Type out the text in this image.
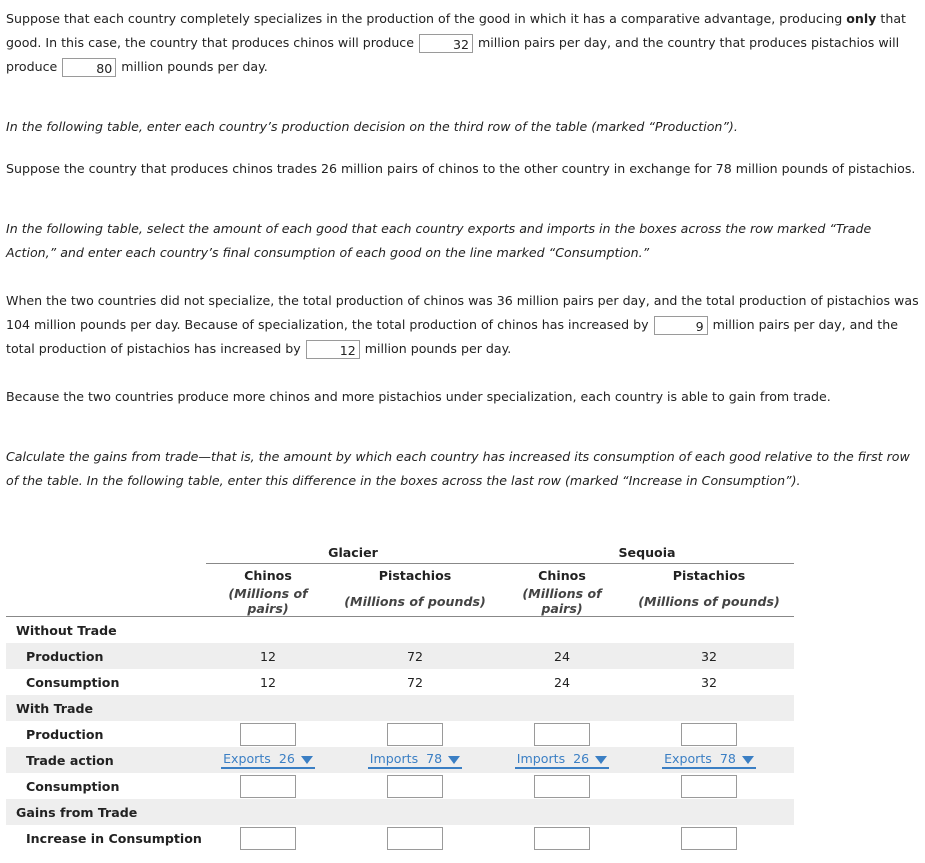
Suppose that each country completely specializes in the production of the good in which it has a comparative advantage, producing only that good. In this case, the country that produces chinos will produce	32 million pairs per day, and the country that produces pistachios will produce	80 million pounds per day.

In the following table, enter each country’s production decision on the third row of the table (marked “Production”).

Suppose the country that produces chinos trades 26 million pairs of chinos to the other country in exchange for 78 million pounds of pistachios.

In the following table, select the amount of each good that each country exports and imports in the boxes across the row marked “Trade Action,” and enter each country’s final consumption of each good on the line marked “Consumption.”

When the two countries did not specialize, the total production of chinos was 36 million pairs per day, and the total production of pistachios was 104 million pounds per day. Because of specialization, the total production of chinos has increased by	9 million pairs per day, and the total production of pistachios has increased by	12 million pounds per day.

Because the two countries produce more chinos and more pistachios under specialization, each country is able to gain from trade.

Calculate the gains from trade—that is, the amount by which each country has increased its consumption of each good relative to the first row of the table. In the following table, enter this difference in the boxes across the last row (marked “Increase in Consumption”).

	Glacier		Sequoia	
	Chinos	Pistachios	Chinos	Pistachios
	(Millions of pairs)	(Millions of pounds)	(Millions of pairs)	(Millions of pounds)
Without Trade				
Production	12	72	24	32
Consumption	12	72	24	32
With Trade				
Production				
Trade action	Exports  26	Imports  78	Imports  26	Exports  78
Consumption				
Gains from Trade				
Increase in Consumption				
